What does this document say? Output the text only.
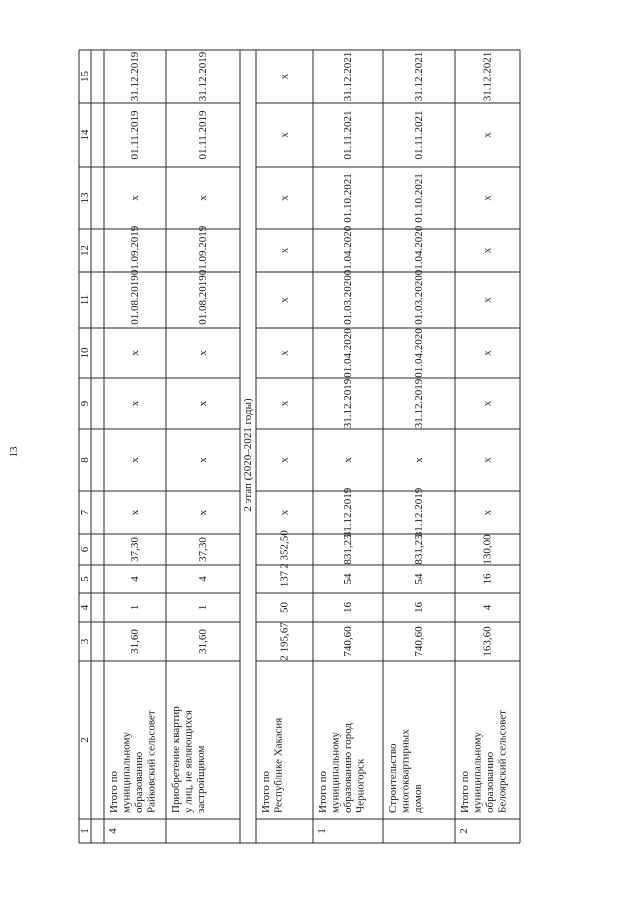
13
1
2
3
4
5
6
7
8
9
10
11
12
13
14
15
2 этап (2020–2021 годы)
4
Итого по муниципальному образованию Райковский сельсовет
31,60
1
4
37,30
х
х
х
х
01.08.2019
01.09.2019
х
01.11.2019
31.12.2019
Приобретение квартир у лиц, не являющихся застройщиком
31,60
1
4
37,30
х
х
х
х
01.08.2019
01.09.2019
х
01.11.2019
31.12.2019
Итого по Республике Хакасия
2 195,67
50
137
2 352,50
х
х
х
х
х
х
х
х
х
1
Итого по муниципальному образованию город Черногорск
740,60
16
54
831,23
31.12.2019
х
31.12.2019
01.04.2020
01.03.2020
01.04.2020
01.10.2021
01.11.2021
31.12.2021
Строительство многоквартирных домов
740,60
16
54
831,23
31.12.2019
х
31.12.2019
01.04.2020
01.03.2020
01.04.2020
01.10.2021
01.11.2021
31.12.2021
2
Итого по муниципальному образованию Белоярский сельсовет
163,60
4
16
130,00
х
х
х
х
х
х
х
х
31.12.2021
